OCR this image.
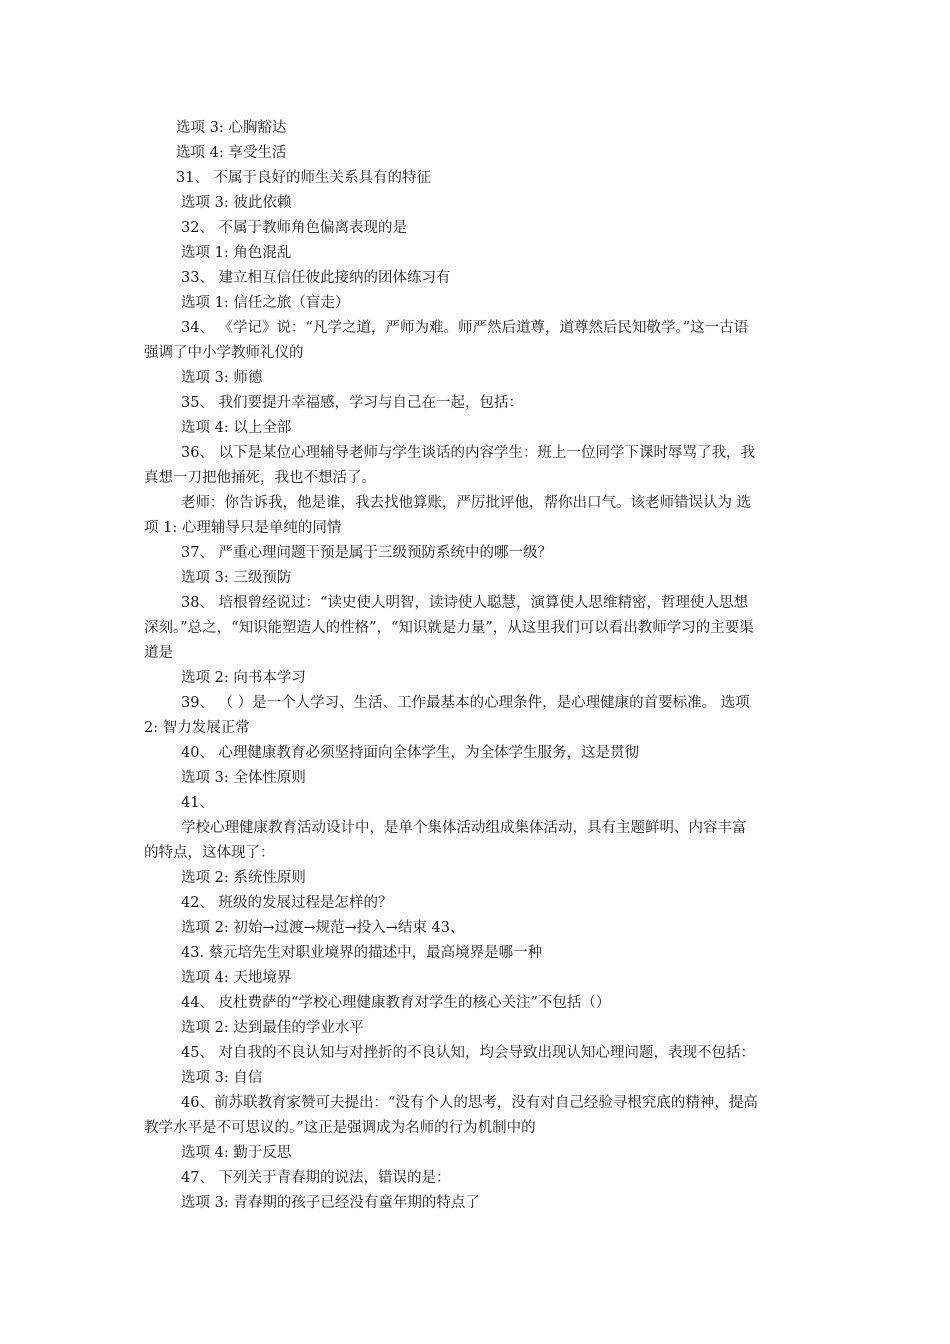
选项 3: 心胸豁达
选项 4: 享受生活
31、 不属于良好的师生关系具有的特征
选项 3: 彼此依赖
32、 不属于教师角色偏离表现的是
选项 1: 角色混乱
33、 建立相互信任彼此接纳的团体练习有
选项 1: 信任之旅（盲走）
34、 《学记》说：“凡学之道，严师为难。师严然后道尊，道尊然后民知敬学。”这一古语
强调了中小学教师礼仪的
选项 3: 师德
35、 我们要提升幸福感，学习与自己在一起，包括：
选项 4: 以上全部
36、 以下是某位心理辅导老师与学生谈话的内容学生：班上一位同学下课时辱骂了我，我
真想一刀把他捅死，我也不想活了。
老师：你告诉我，他是谁，我去找他算账，严厉批评他，帮你出口气。该老师错误认为 选
项 1: 心理辅导只是单纯的同情
37、 严重心理问题干预是属于三级预防系统中的哪一级？
选项 3: 三级预防
38、 培根曾经说过：“读史使人明智，读诗使人聪慧，演算使人思维精密，哲理使人思想
深刻。”总之，“知识能塑造人的性格”，“知识就是力量”，从这里我们可以看出教师学习的主要渠
道是
选项 2: 向书本学习
39、 （ ）是一个人学习、生活、工作最基本的心理条件，是心理健康的首要标准。 选项
2: 智力发展正常
40、 心理健康教育必须坚持面向全体学生，为全体学生服务，这是贯彻
选项 3: 全体性原则
41、
学校心理健康教育活动设计中，是单个集体活动组成集体活动，具有主题鲜明、内容丰富
的特点，这体现了：
选项 2: 系统性原则
42、 班级的发展过程是怎样的？
选项 2: 初始→过渡→规范→投入→结束 43、
43. 蔡元培先生对职业境界的描述中，最高境界是哪一种
选项 4: 天地境界
44、 皮杜费萨的“学校心理健康教育对学生的核心关注”不包括（）
选项 2: 达到最佳的学业水平
45、 对自我的不良认知与对挫折的不良认知，均会导致出现认知心理问题，表现不包括：
选项 3: 自信
46、前苏联教育家赞可夫提出：“没有个人的思考，没有对自己经验寻根究底的精神，提高
教学水平是不可思议的。”这正是强调成为名师的行为机制中的
选项 4: 勤于反思
47、 下列关于青春期的说法，错误的是：
选项 3: 青春期的孩子已经没有童年期的特点了
